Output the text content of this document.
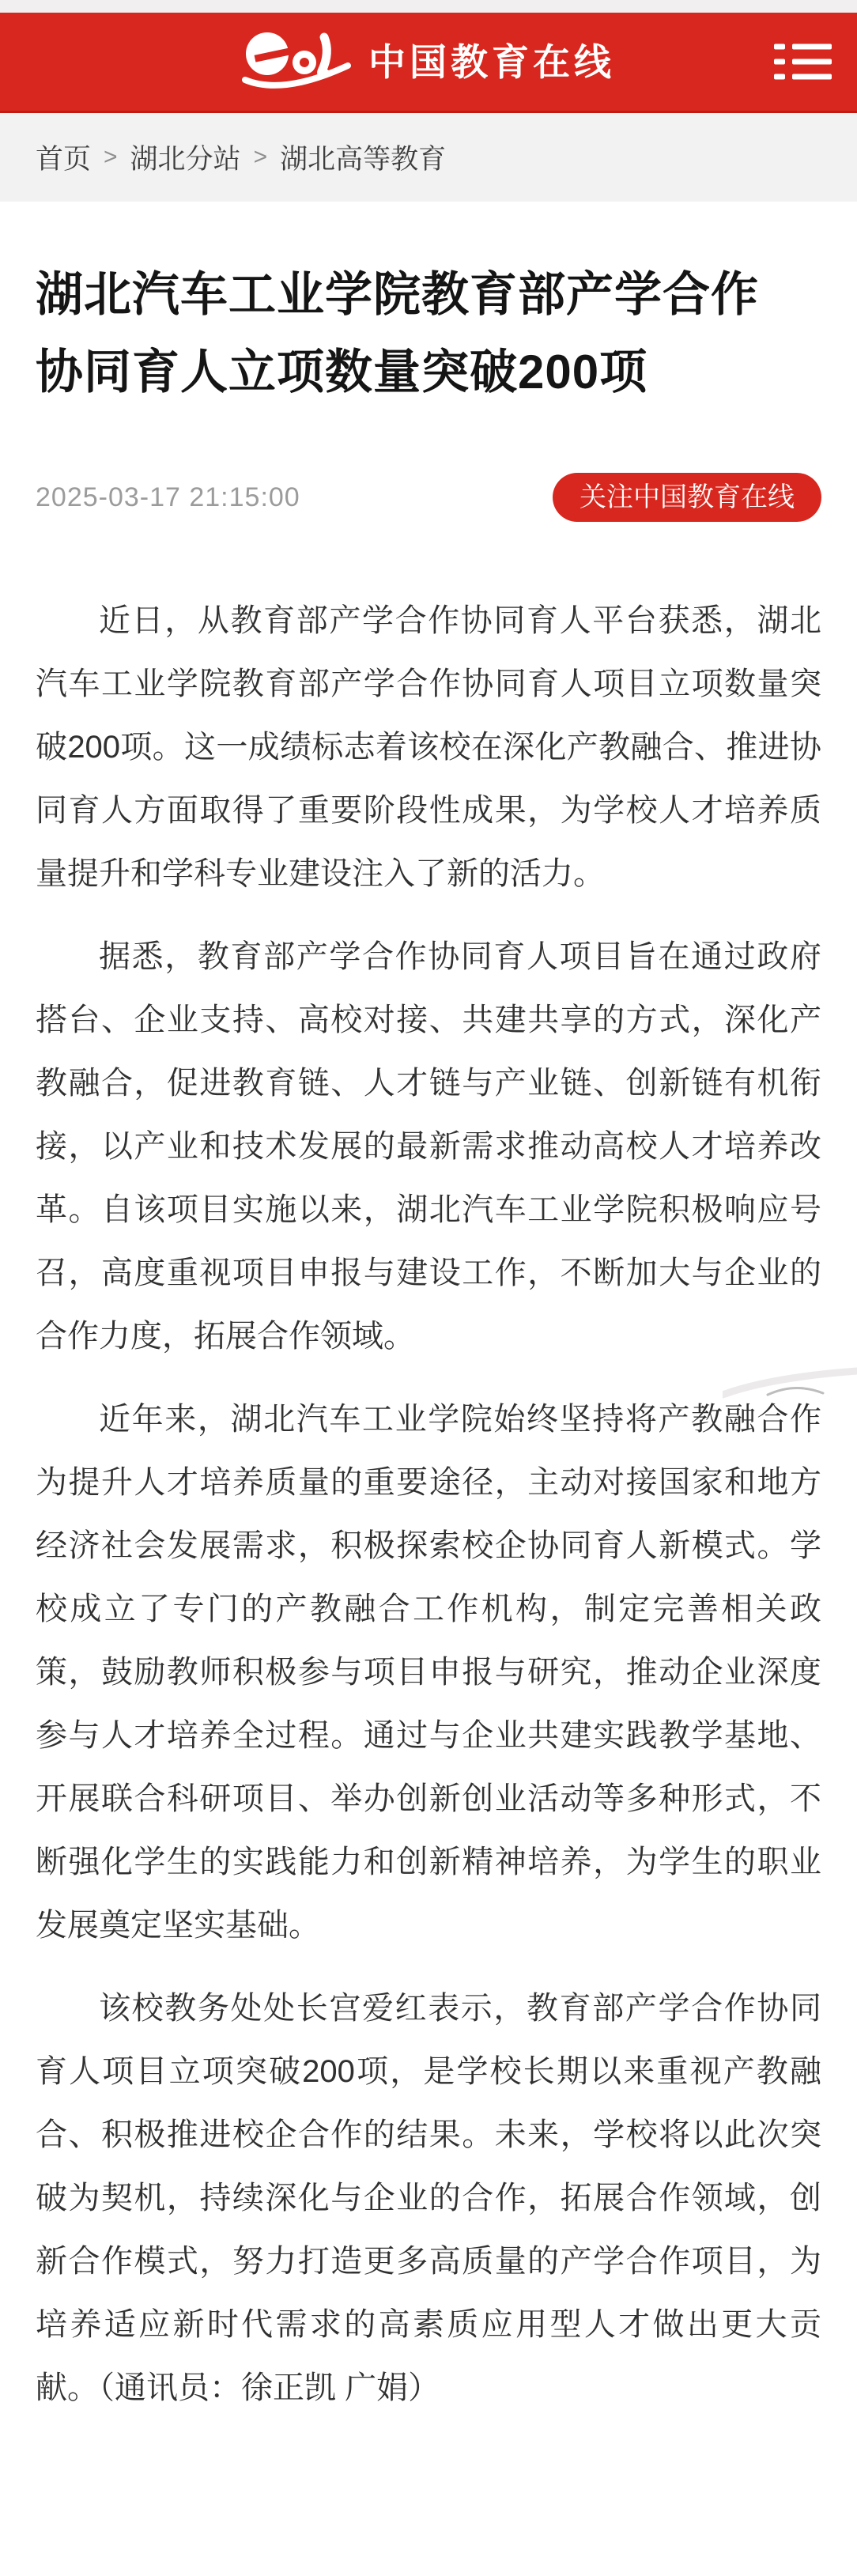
中国教育在线
首页 > 湖北分站 > 湖北高等教育
湖北汽车工业学院教育部产学合作协同育人立项数量突破200项
2025-03-17 21:15:00	关注中国教育在线

近日，从教育部产学合作协同育人平台获悉，湖北汽车工业学院教育部产学合作协同育人项目立项数量突破200项。这一成绩标志着该校在深化产教融合、推进协同育人方面取得了重要阶段性成果，为学校人才培养质量提升和学科专业建设注入了新的活力。

据悉，教育部产学合作协同育人项目旨在通过政府搭台、企业支持、高校对接、共建共享的方式，深化产教融合，促进教育链、人才链与产业链、创新链有机衔接，以产业和技术发展的最新需求推动高校人才培养改革。自该项目实施以来，湖北汽车工业学院积极响应号召，高度重视项目申报与建设工作，不断加大与企业的合作力度，拓展合作领域。

近年来，湖北汽车工业学院始终坚持将产教融合作为提升人才培养质量的重要途径，主动对接国家和地方经济社会发展需求，积极探索校企协同育人新模式。学校成立了专门的产教融合工作机构，制定完善相关政策，鼓励教师积极参与项目申报与研究，推动企业深度参与人才培养全过程。通过与企业共建实践教学基地、开展联合科研项目、举办创新创业活动等多种形式，不断强化学生的实践能力和创新精神培养，为学生的职业发展奠定坚实基础。

该校教务处处长宫爱红表示，教育部产学合作协同育人项目立项突破200项，是学校长期以来重视产教融合、积极推进校企合作的结果。未来，学校将以此次突破为契机，持续深化与企业的合作，拓展合作领域，创新合作模式，努力打造更多高质量的产学合作项目，为培养适应新时代需求的高素质应用型人才做出更大贡献。（通讯员：徐正凯 广娟）
